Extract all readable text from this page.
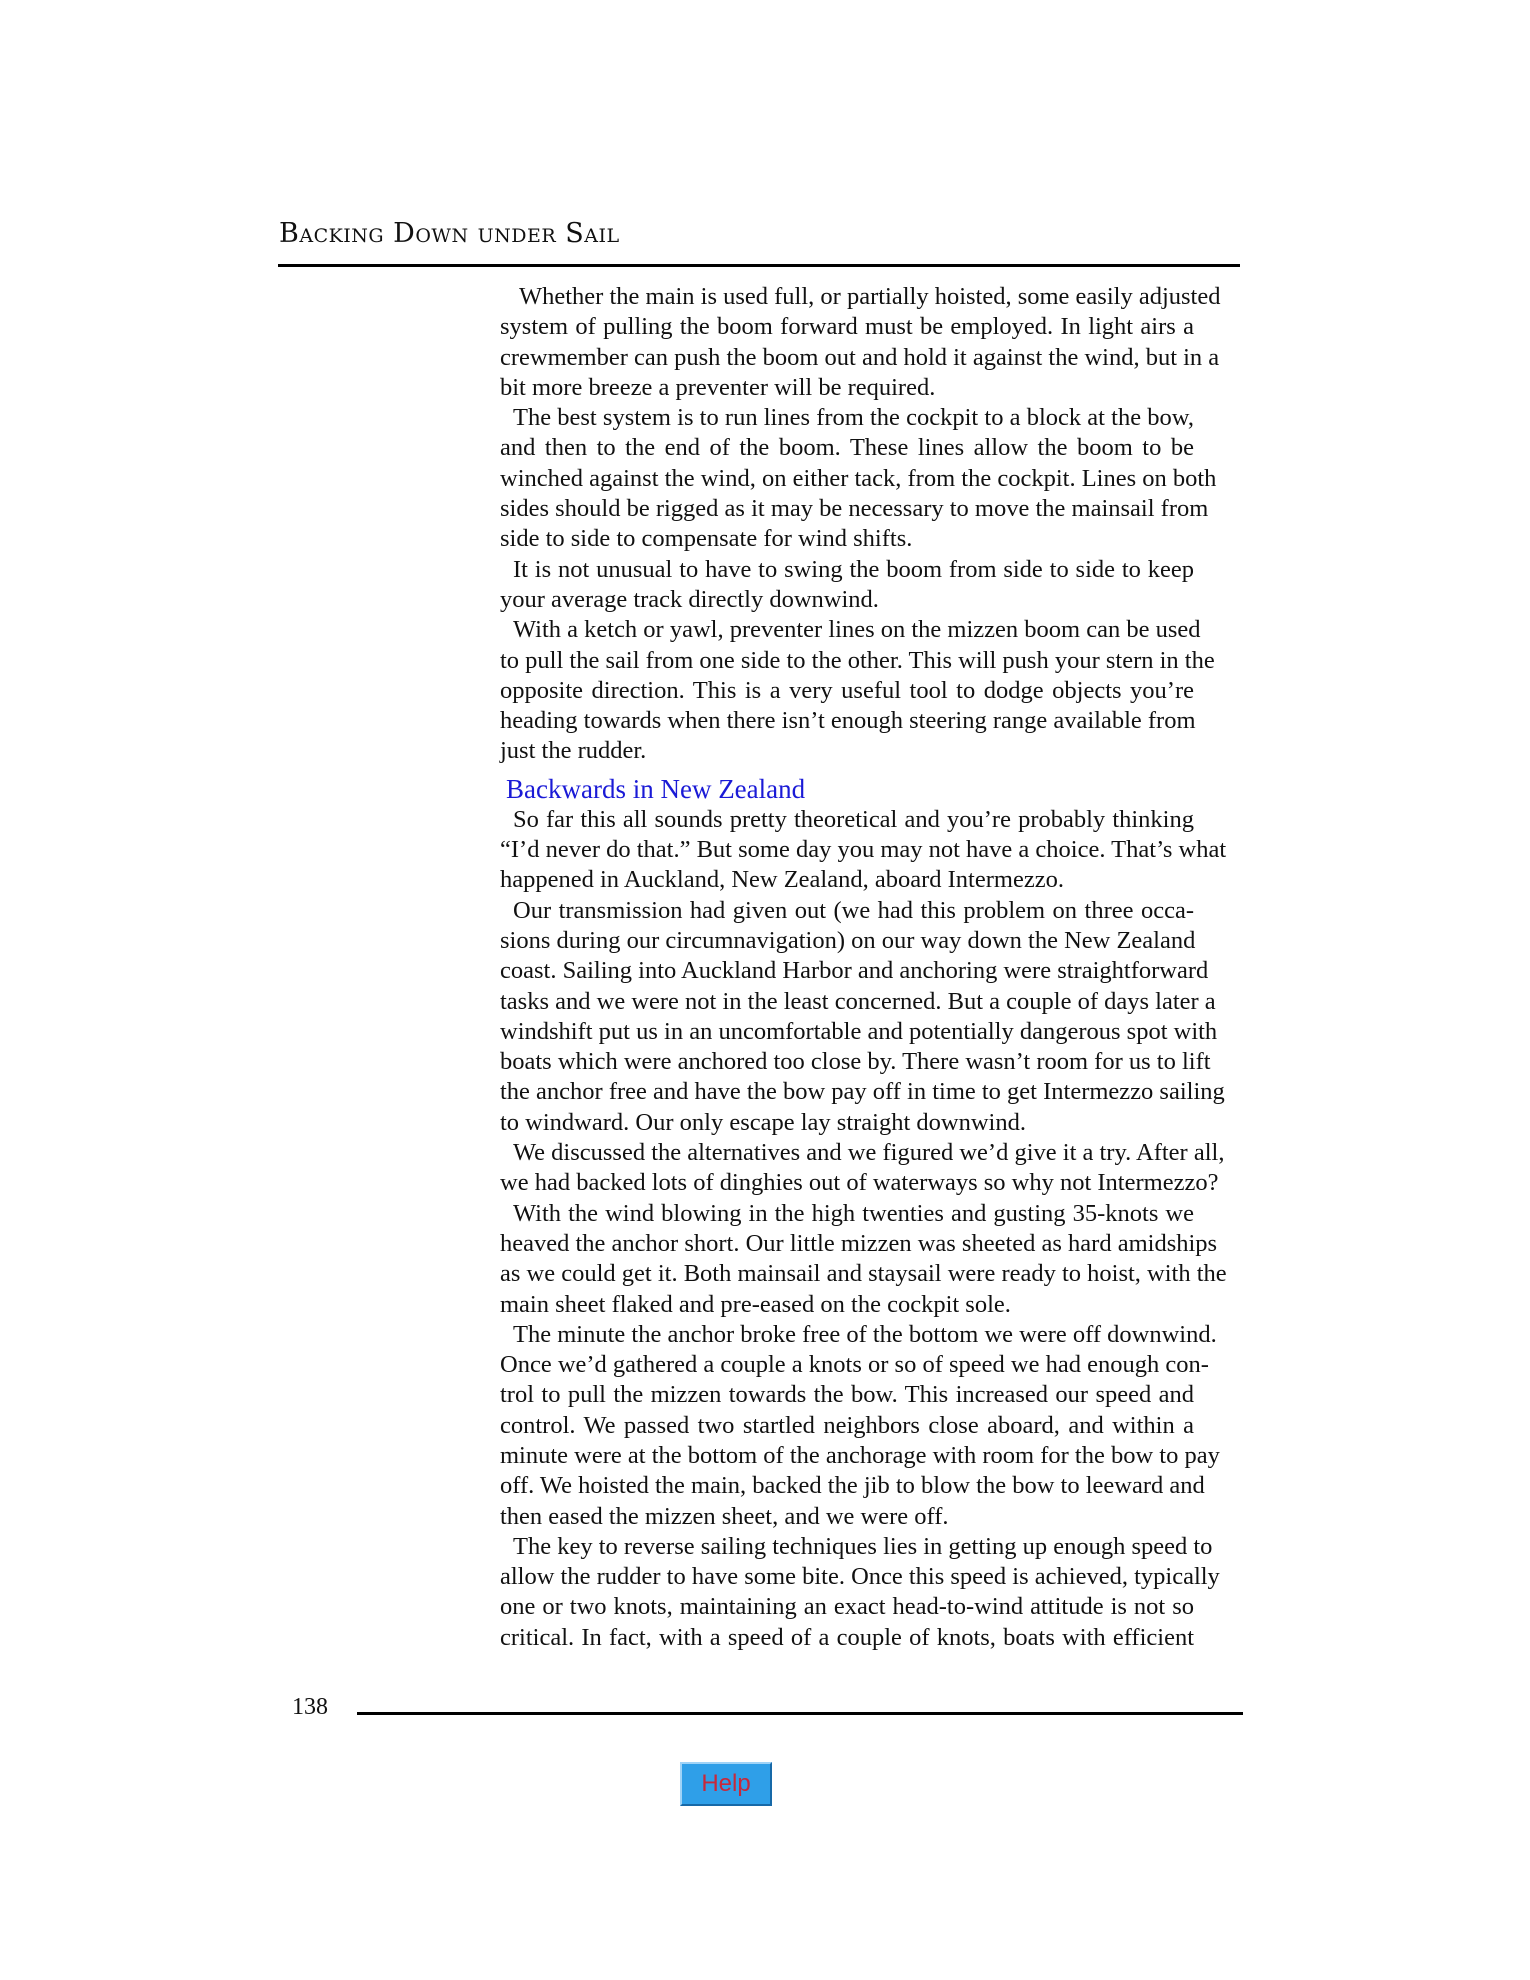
Backing Down under Sail
Whether the main is used full, or partially hoisted, some easily adjusted
system of pulling the boom forward must be employed. In light airs a
crewmember can push the boom out and hold it against the wind, but in a
bit more breeze a preventer will be required.
The best system is to run lines from the cockpit to a block at the bow,
and then to the end of the boom. These lines allow the boom to be
winched against the wind, on either tack, from the cockpit. Lines on both
sides should be rigged as it may be necessary to move the mainsail from
side to side to compensate for wind shifts.
It is not unusual to have to swing the boom from side to side to keep
your average track directly downwind.
With a ketch or yawl, preventer lines on the mizzen boom can be used
to pull the sail from one side to the other. This will push your stern in the
opposite direction. This is a very useful tool to dodge objects you’re
heading towards when there isn’t enough steering range available from
just the rudder.
Backwards in New Zealand
So far this all sounds pretty theoretical and you’re probably thinking
“I’d never do that.” But some day you may not have a choice. That’s what
happened in Auckland, New Zealand, aboard Intermezzo.
Our transmission had given out (we had this problem on three occa-
sions during our circumnavigation) on our way down the New Zealand
coast. Sailing into Auckland Harbor and anchoring were straightforward
tasks and we were not in the least concerned. But a couple of days later a
windshift put us in an uncomfortable and potentially dangerous spot with
boats which were anchored too close by. There wasn’t room for us to lift
the anchor free and have the bow pay off in time to get Intermezzo sailing
to windward. Our only escape lay straight downwind.
We discussed the alternatives and we figured we’d give it a try. After all,
we had backed lots of dinghies out of waterways so why not Intermezzo?
With the wind blowing in the high twenties and gusting 35-knots we
heaved the anchor short. Our little mizzen was sheeted as hard amidships
as we could get it. Both mainsail and staysail were ready to hoist, with the
main sheet flaked and pre-eased on the cockpit sole.
The minute the anchor broke free of the bottom we were off downwind.
Once we’d gathered a couple a knots or so of speed we had enough con-
trol to pull the mizzen towards the bow. This increased our speed and
control. We passed two startled neighbors close aboard, and within a
minute were at the bottom of the anchorage with room for the bow to pay
off. We hoisted the main, backed the jib to blow the bow to leeward and
then eased the mizzen sheet, and we were off.
The key to reverse sailing techniques lies in getting up enough speed to
allow the rudder to have some bite. Once this speed is achieved, typically
one or two knots, maintaining an exact head-to-wind attitude is not so
critical. In fact, with a speed of a couple of knots, boats with efficient
138
Help
